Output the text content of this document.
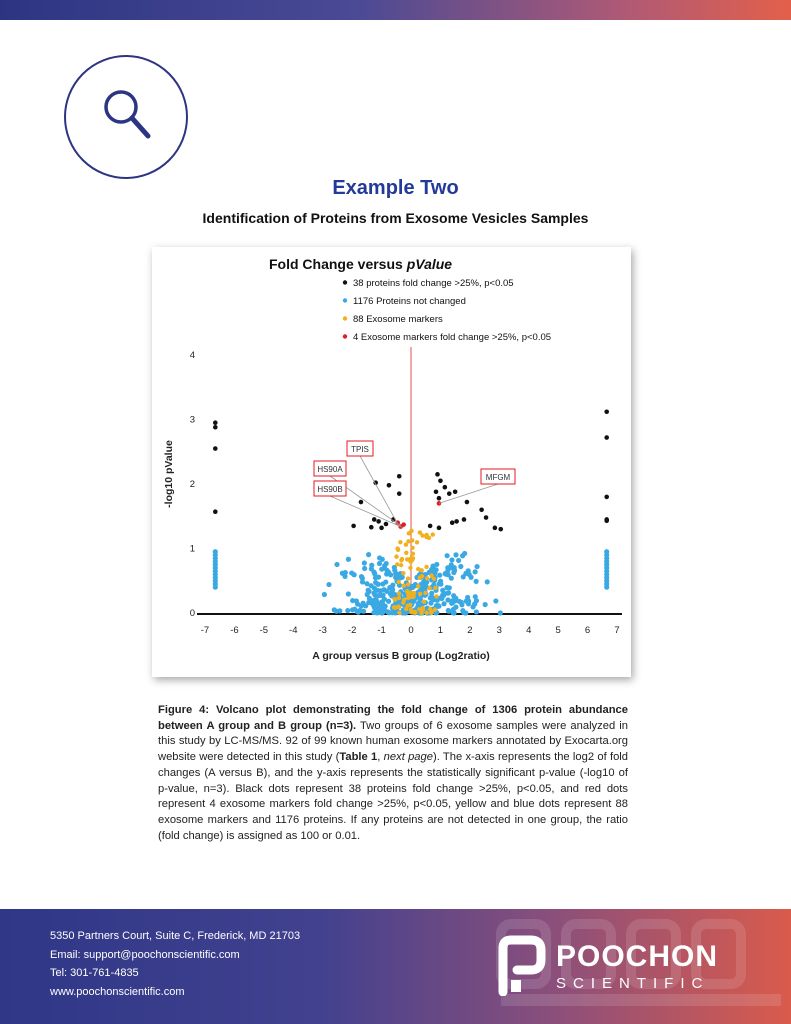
Example Two
Identification of Proteins from Exosome Vesicles Samples
Fold Change versus pValue
38 proteins fold change >25%, p<0.05
1176 Proteins not changed
88 Exosome markers
4 Exosome markers fold change >25%, p<0.05
-7 -6 -5 -4 -3 -2 -1 0	1	2	3	4	5	6	7
0
1
2
3
4
A group versus B group (Log2ratio)
-log10 pValue	TPIS
HS90A
HS90B
MFGM
Figure 4: Volcano plot demonstrating the fold change of 1306 protein abundance between A group and B group (n=3). Two groups of 6 exosome samples were analyzed in this study by LC-MS/MS. 92 of 99 known human exosome markers annotated by Exocarta.org website were detected in this study (Table 1, next page). The x-axis represents the log2 of fold changes (A versus B), and the y-axis represents the statistically significant p-value (-log10 of p-value, n=3). Black dots represent 38 proteins fold change >25%, p<0.05, and red dots represent 4 exosome markers fold change >25%, p<0.05, yellow and blue dots represent 88 exosome markers and 1176 proteins. If any proteins are not detected in one group, the ratio (fold change) is assigned as 100 or 0.01.
5350 Partners Court, Suite C, Frederick, MD 21703
Email: support@poochonscientific.com
Tel: 301-761-4835
www.poochonscientific.com
POOCHON
SCIENTIFIC
